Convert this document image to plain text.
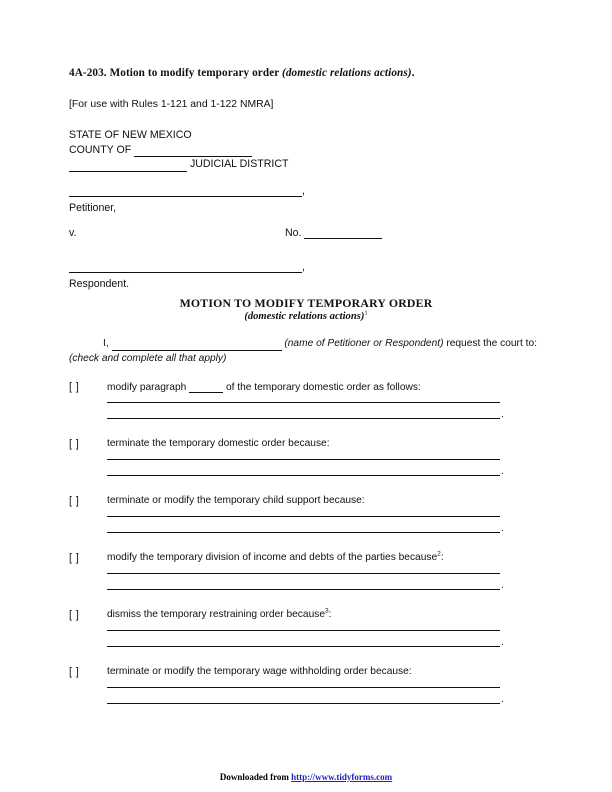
4A-203. Motion to modify temporary order (domestic relations actions).
[For use with Rules 1-121 and 1-122 NMRA]
STATE OF NEW MEXICO
COUNTY OF
JUDICIAL DISTRICT
,
Petitioner,
v.	No.
,
Respondent.
MOTION TO MODIFY TEMPORARY ORDER
(domestic relations actions)$^1$
I,	(name of Petitioner or Respondent) request the court to:
(check and complete all that apply)
[ ]	modify paragraph	of the temporary domestic order as follows:
.
[ ]	terminate the temporary domestic order because:
.
[ ]	terminate or modify the temporary child support because:
.
[ ]	modify the temporary division of income and debts of the parties because$^2$:
.
[ ]	dismiss the temporary restraining order because$^3$:
.
[ ]	terminate or modify the temporary wage withholding order because:
.
Downloaded from http://www.tidyforms.com
